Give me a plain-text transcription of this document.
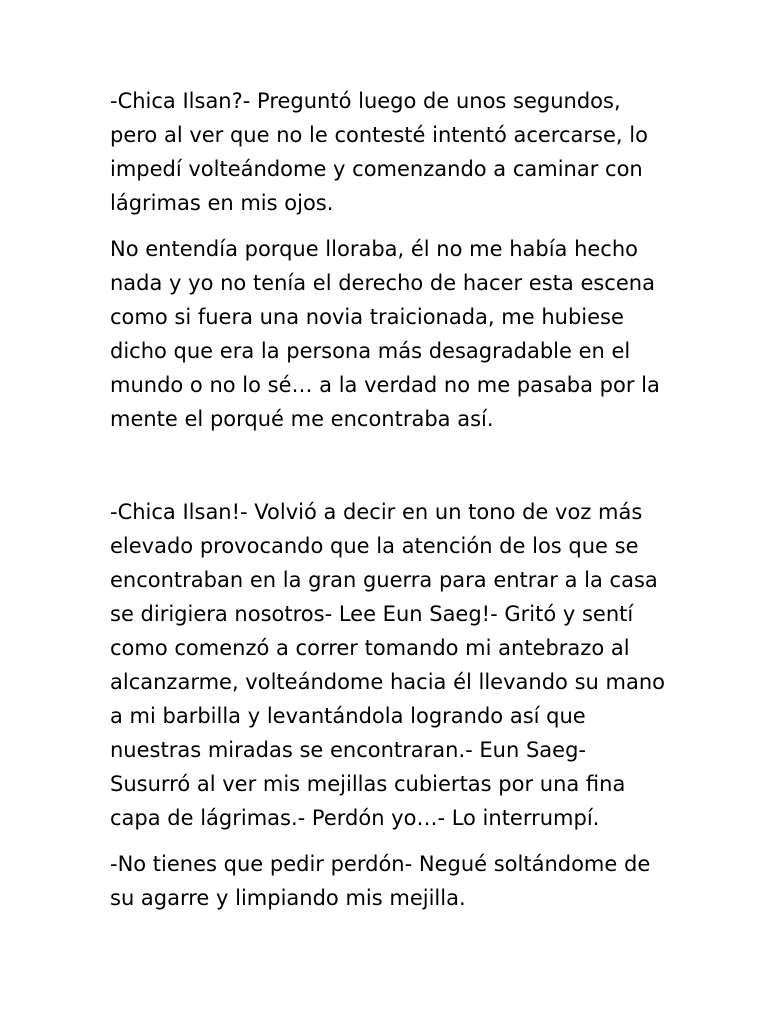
-Chica Ilsan?- Preguntó luego de unos segundos,
pero al ver que no le contesté intentó acercarse, lo
impedí volteándome y comenzando a caminar con
lágrimas en mis ojos.
No entendía porque lloraba, él no me había hecho
nada y yo no tenía el derecho de hacer esta escena
como si fuera una novia traicionada, me hubiese
dicho que era la persona más desagradable en el
mundo o no lo sé… a la verdad no me pasaba por la
mente el porqué me encontraba así.
-Chica Ilsan!- Volvió a decir en un tono de voz más
elevado provocando que la atención de los que se
encontraban en la gran guerra para entrar a la casa
se dirigiera nosotros- Lee Eun Saeg!- Gritó y sentí
como comenzó a correr tomando mi antebrazo al
alcanzarme, volteándome hacia él llevando su mano
a mi barbilla y levantándola logrando así que
nuestras miradas se encontraran.- Eun Saeg-
Susurró al ver mis mejillas cubiertas por una fina
capa de lágrimas.- Perdón yo…- Lo interrumpí.
-No tienes que pedir perdón- Negué soltándome de
su agarre y limpiando mis mejilla.
